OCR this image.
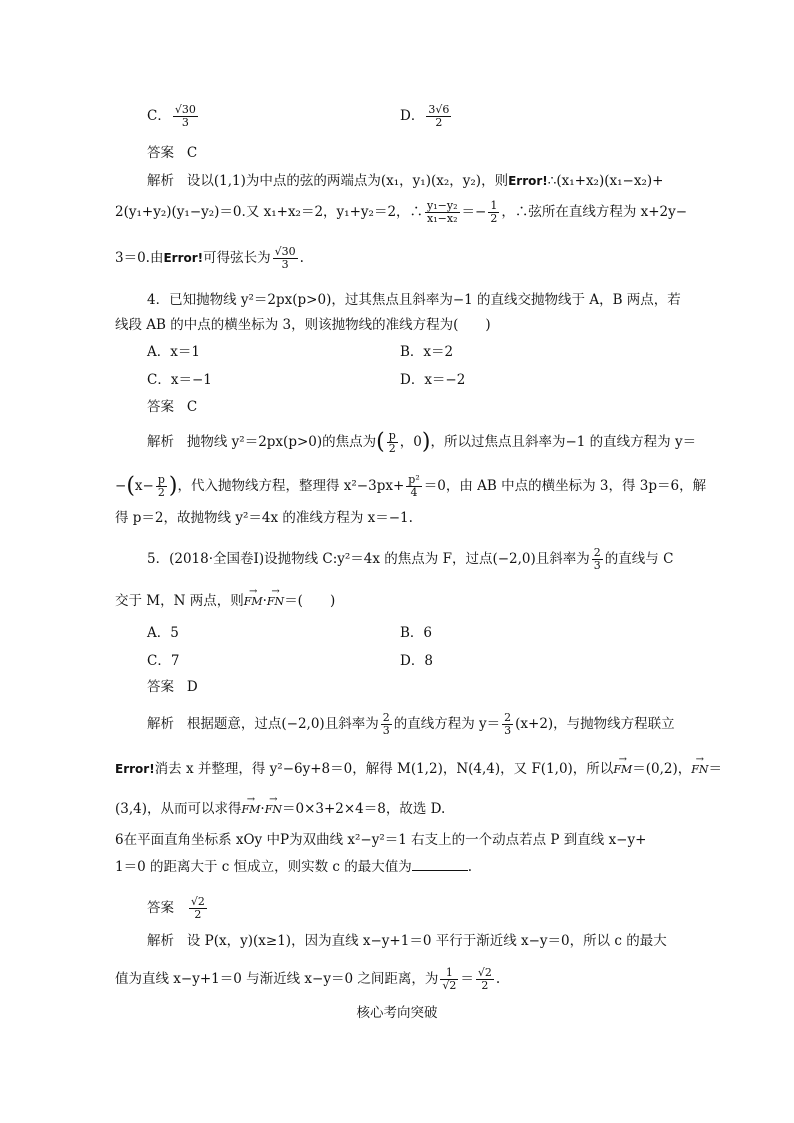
C． $\frac{√30}{3}$	D． $\frac{3√6}{2}$
答案 C
解析 设以(1,1)为中点的弦的两端点为(x₁，y₁)(x₂，y₂)，则Error!∴(x₁+x₂)(x₁−x₂)+
2(y₁+y₂)(y₁−y₂)＝0.又 x₁+x₂＝2，y₁+y₂＝2，∴ $\frac{\text{y₁−y₂}}{\text{x₁−x₂}} =- \frac{1}{2}$ ，∴弦所在直线方程为 x+2y−
3＝0.由Error!可得弦长为 $\frac{√30}{3}$ .
4．已知抛物线 y²＝2px(p>0)，过其焦点且斜率为−1 的直线交抛物线于 A，B 两点，若
线段 AB 的中点的横坐标为 3，则该抛物线的准线方程为(　　)
A．x＝1	B．x＝2
C．x＝−1	D．x＝−2
答案 C
解析 抛物线 y²＝2px(p>0)的焦点为( $\frac{p}{2}$ ，0)，所以过焦点且斜率为−1 的直线方程为 y＝
$-(x- \frac{p}{2}$ )，代入抛物线方程，整理得 $x^2-3px+ \frac{\text{p²}}{4} =0$，由 AB 中点的横坐标为 3，得 3p＝6，解
得 p＝2，故抛物线 y²＝4x 的准线方程为 x＝−1.
5．(2018·全国卷Ⅰ)设抛物线 C:y²＝4x 的焦点为 F，过点(−2,0)且斜率为 $\frac{2}{3}$ 的直线与 C
交于 M，N 两点，则→ FM·→ FN＝(　　)
A．5	B．6
C．7	D．8
答案 D
解析 根据题意，过点(−2,0)且斜率为 $\frac{2}{3}$ 的直线方程为 $y= \frac{2}{3} (x+2)$，与抛物线方程联立
Error!消去 x 并整理，得 y²−6y+8＝0，解得 M(1,2)，N(4,4)，又 F(1,0)，所以→ FM＝(0,2)，→ FN＝
(3,4)，从而可以求得→ FM·→ FN＝0×3+2×4＝8，故选 D.
6在平面直角坐标系 xOy 中P为双曲线 x²−y²＝1 右支上的一个动点若点 P 到直线 x−y+
1＝0 的距离大于 c 恒成立，则实数 c 的最大值为	.
答案 $\frac{√2}{2}$
解析 设 P(x，y)(x≥1)，因为直线 x−y+1＝0 平行于渐近线 x−y＝0，所以 c 的最大
值为直线 x−y+1＝0 与渐近线 x−y＝0 之间距离，为 $\frac{1}{√2} = \frac{√2}{2}$ .
核心考向突破
